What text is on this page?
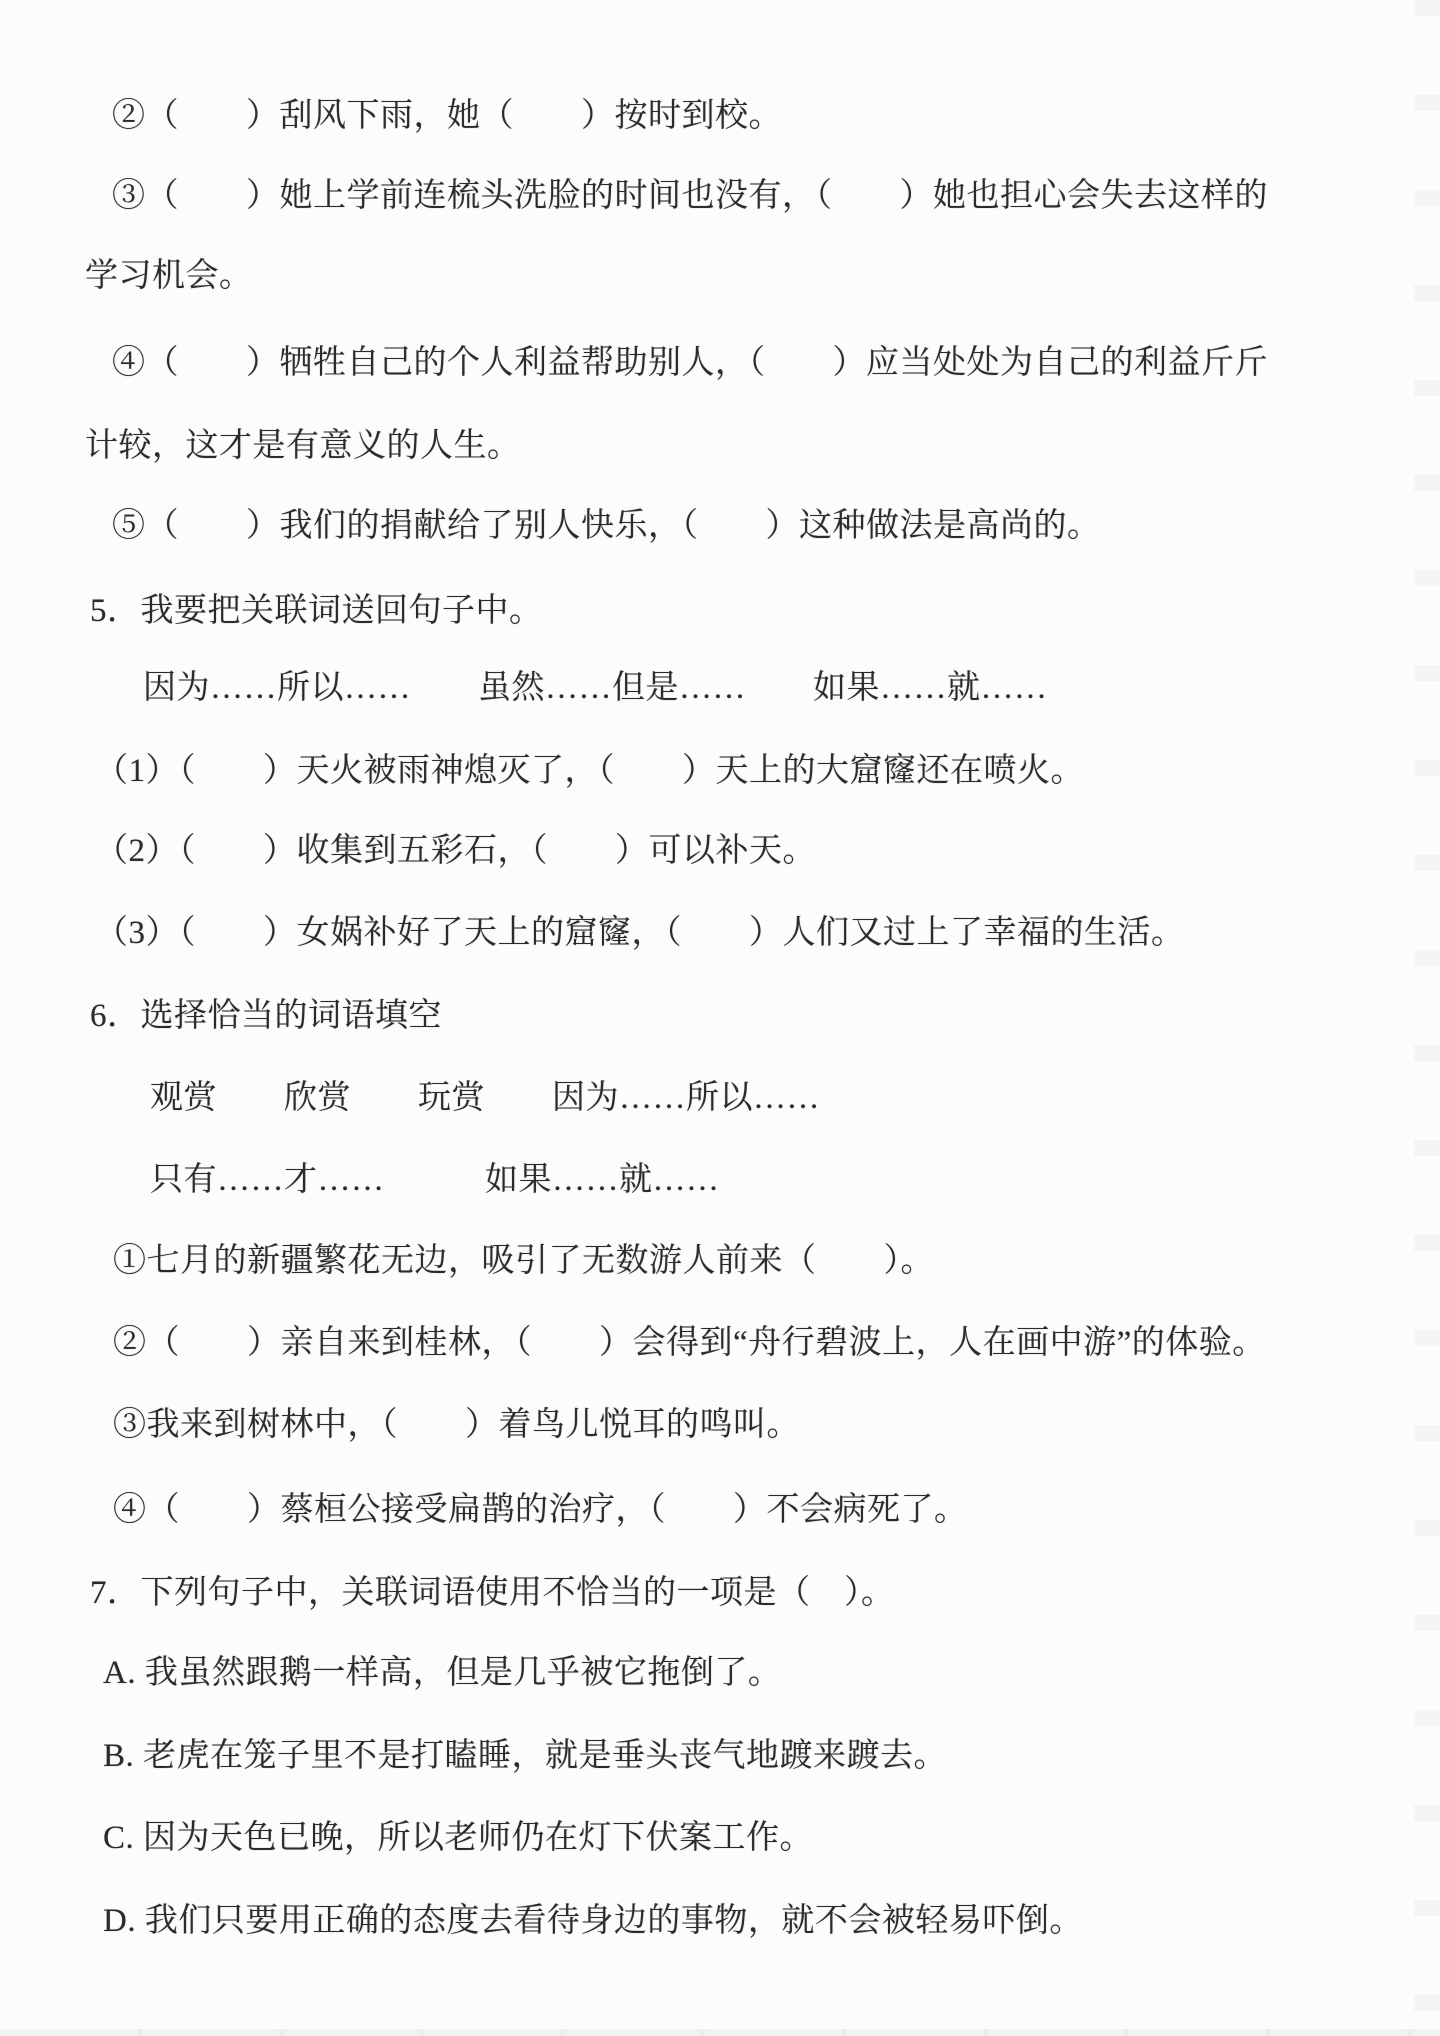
②（　　）刮风下雨，她（　　）按时到校。
③（　　）她上学前连梳头洗脸的时间也没有，（　　）她也担心会失去这样的
学习机会。
④（　　）牺牲自己的个人利益帮助别人，（　　）应当处处为自己的利益斤斤
计较，这才是有意义的人生。
⑤（　　）我们的捐献给了别人快乐，（　　）这种做法是高尚的。
5．我要把关联词送回句子中。
因为……所以……　　虽然……但是……　　如果……就……
（1）（　　）天火被雨神熄灭了，（　　）天上的大窟窿还在喷火。
（2）（　　）收集到五彩石，（　　）可以补天。
（3）（　　）女娲补好了天上的窟窿，（　　）人们又过上了幸福的生活。
6．选择恰当的词语填空
观赏　　欣赏　　玩赏　　因为……所以……
只有……才……　　　如果……就……
①七月的新疆繁花无边，吸引了无数游人前来（　　）。
②（　　）亲自来到桂林，（　　）会得到“舟行碧波上，人在画中游”的体验。
③我来到树林中，（　　）着鸟儿悦耳的鸣叫。
④（　　）蔡桓公接受扁鹊的治疗，（　　）不会病死了。
7．下列句子中，关联词语使用不恰当的一项是（　）。
A. 我虽然跟鹅一样高，但是几乎被它拖倒了。
B. 老虎在笼子里不是打瞌睡，就是垂头丧气地踱来踱去。
C. 因为天色已晚，所以老师仍在灯下伏案工作。
D. 我们只要用正确的态度去看待身边的事物，就不会被轻易吓倒。
